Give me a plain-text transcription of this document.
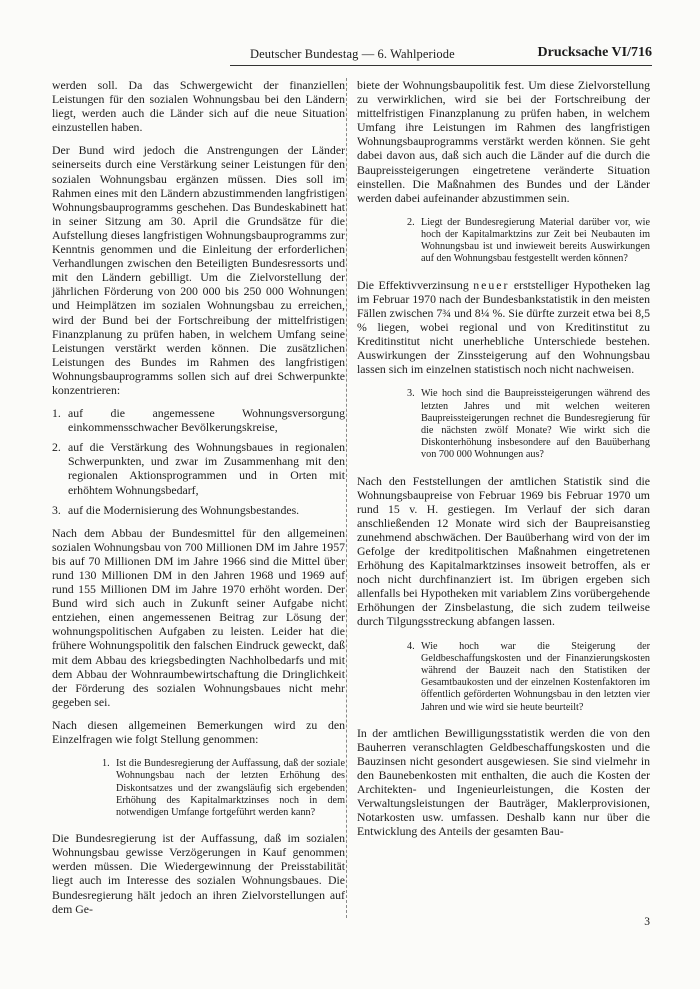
Deutscher Bundestag — 6. Wahlperiode	Drucksache VI/716

werden soll. Da das Schwergewicht der finanziellen Leistungen für den sozialen Wohnungsbau bei den Ländern liegt, werden auch die Länder sich auf die neue Situation einzustellen haben.

Der Bund wird jedoch die Anstrengungen der Länder seinerseits durch eine Verstärkung seiner Leistungen für den sozialen Wohnungsbau ergänzen müssen. Dies soll im Rahmen eines mit den Ländern abzustimmenden langfristigen Wohnungsbauprogramms geschehen. Das Bundeskabinett hat in seiner Sitzung am 30. April die Grundsätze für die Aufstellung dieses langfristigen Wohnungsbauprogramms zur Kenntnis genommen und die Einleitung der erforderlichen Verhandlungen zwischen den Beteiligten Bundesressorts und mit den Ländern gebilligt. Um die Zielvorstellung der jährlichen Förderung von 200 000 bis 250 000 Wohnungen und Heimplätzen im sozialen Wohnungsbau zu erreichen, wird der Bund bei der Fortschreibung der mittelfristigen Finanzplanung zu prüfen haben, in welchem Umfang seine Leistungen verstärkt werden können. Die zusätzlichen Leistungen des Bundes im Rahmen des langfristigen Wohnungsbauprogramms sollen sich auf drei Schwerpunkte konzentrieren:

1. auf die angemessene Wohnungsversorgung einkommensschwacher Bevölkerungskreise,
2. auf die Verstärkung des Wohnungsbaues in regionalen Schwerpunkten, und zwar im Zusammenhang mit den regionalen Aktionsprogrammen und in Orten mit erhöhtem Wohnungsbedarf,
3. auf die Modernisierung des Wohnungsbestandes.

Nach dem Abbau der Bundesmittel für den allgemeinen sozialen Wohnungsbau von 700 Millionen DM im Jahre 1957 bis auf 70 Millionen DM im Jahre 1966 sind die Mittel über rund 130 Millionen DM in den Jahren 1968 und 1969 auf rund 155 Millionen DM im Jahre 1970 erhöht worden. Der Bund wird sich auch in Zukunft seiner Aufgabe nicht entziehen, einen angemessenen Beitrag zur Lösung der wohnungspolitischen Aufgaben zu leisten. Leider hat die frühere Wohnungspolitik den falschen Eindruck geweckt, daß mit dem Abbau des kriegsbedingten Nachholbedarfs und mit dem Abbau der Wohnraumbewirtschaftung die Dringlichkeit der Förderung des sozialen Wohnungsbaues nicht mehr gegeben sei.

Nach diesen allgemeinen Bemerkungen wird zu den Einzelfragen wie folgt Stellung genommen:

1. Ist die Bundesregierung der Auffassung, daß der soziale Wohnungsbau nach der letzten Erhöhung des Diskontsatzes und der zwangsläufig sich ergebenden Erhöhung des Kapitalmarktzinses noch in dem notwendigen Umfange fortgeführt werden kann?

Die Bundesregierung ist der Auffassung, daß im sozialen Wohnungsbau gewisse Verzögerungen in Kauf genommen werden müssen. Die Wiedergewinnung der Preisstabilität liegt auch im Interesse des sozialen Wohnungsbaues. Die Bundesregierung hält jedoch an ihren Zielvorstellungen auf dem Ge-

biete der Wohnungsbaupolitik fest. Um diese Zielvorstellung zu verwirklichen, wird sie bei der Fortschreibung der mittelfristigen Finanzplanung zu prüfen haben, in welchem Umfang ihre Leistungen im Rahmen des langfristigen Wohnungsbauprogramms verstärkt werden können. Sie geht dabei davon aus, daß sich auch die Länder auf die durch die Baupreissteigerungen eingetretene veränderte Situation einstellen. Die Maßnahmen des Bundes und der Länder werden dabei aufeinander abzustimmen sein.

2. Liegt der Bundesregierung Material darüber vor, wie hoch der Kapitalmarktzins zur Zeit bei Neubauten im Wohnungsbau ist und inwieweit bereits Auswirkungen auf den Wohnungsbau festgestellt werden können?

Die Effektivverzinsung neuer erststelliger Hypotheken lag im Februar 1970 nach der Bundesbankstatistik in den meisten Fällen zwischen 7¾ und 8¼ %. Sie dürfte zurzeit etwa bei 8,5 % liegen, wobei regional und von Kreditinstitut zu Kreditinstitut nicht unerhebliche Unterschiede bestehen. Auswirkungen der Zinssteigerung auf den Wohnungsbau lassen sich im einzelnen statistisch noch nicht nachweisen.

3. Wie hoch sind die Baupreissteigerungen während des letzten Jahres und mit welchen weiteren Baupreissteigerungen rechnet die Bundesregierung für die nächsten zwölf Monate? Wie wirkt sich die Diskonterhöhung insbesondere auf den Bauüberhang von 700 000 Wohnungen aus?

Nach den Feststellungen der amtlichen Statistik sind die Wohnungsbaupreise von Februar 1969 bis Februar 1970 um rund 15 v. H. gestiegen. Im Verlauf der sich daran anschließenden 12 Monate wird sich der Baupreisanstieg zunehmend abschwächen. Der Bauüberhang wird von der im Gefolge der kreditpolitischen Maßnahmen eingetretenen Erhöhung des Kapitalmarktzinses insoweit betroffen, als er noch nicht durchfinanziert ist. Im übrigen ergeben sich allenfalls bei Hypotheken mit variablem Zins vorübergehende Erhöhungen der Zinsbelastung, die sich zudem teilweise durch Tilgungsstreckung abfangen lassen.

4. Wie hoch war die Steigerung der Geldbeschaffungskosten und der Finanzierungskosten während der Bauzeit nach den Statistiken der Gesamtbaukosten und der einzelnen Kostenfaktoren im öffentlich geförderten Wohnungsbau in den letzten vier Jahren und wie wird sie heute beurteilt?

In der amtlichen Bewilligungsstatistik werden die von den Bauherren veranschlagten Geldbeschaffungskosten und die Bauzinsen nicht gesondert ausgewiesen. Sie sind vielmehr in den Baunebenkosten mit enthalten, die auch die Kosten der Architekten- und Ingenieurleistungen, die Kosten der Verwaltungsleistungen der Bauträger, Maklerprovisionen, Notarkosten usw. umfassen. Deshalb kann nur über die Entwicklung des Anteils der gesamten Bau-

3
